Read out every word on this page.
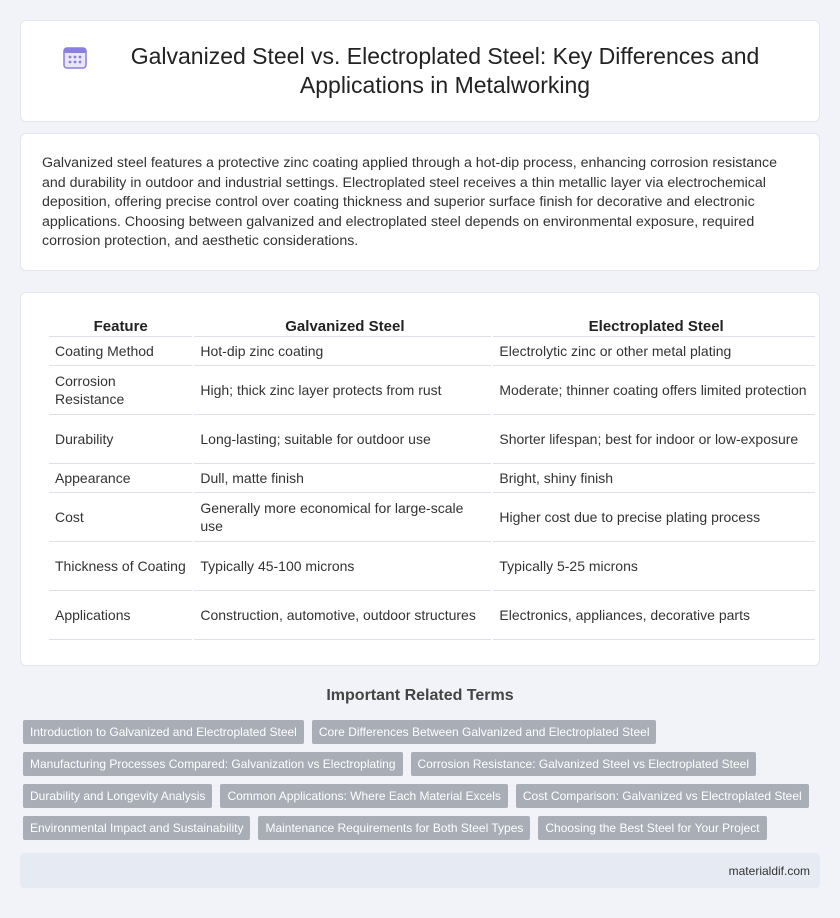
Galvanized Steel vs. Electroplated Steel: Key Differences and Applications in Metalworking

Galvanized steel features a protective zinc coating applied through a hot-dip process, enhancing corrosion resistance and durability in outdoor and industrial settings. Electroplated steel receives a thin metallic layer via electrochemical deposition, offering precise control over coating thickness and superior surface finish for decorative and electronic applications. Choosing between galvanized and electroplated steel depends on environmental exposure, required corrosion protection, and aesthetic considerations.

Feature	Galvanized Steel	Electroplated Steel
Coating Method	Hot-dip zinc coating	Electrolytic zinc or other metal plating
Corrosion Resistance	High; thick zinc layer protects from rust	Moderate; thinner coating offers limited protection
Durability	Long-lasting; suitable for outdoor use	Shorter lifespan; best for indoor or low-exposure
Appearance	Dull, matte finish	Bright, shiny finish
Cost	Generally more economical for large-scale use	Higher cost due to precise plating process
Thickness of Coating	Typically 45-100 microns	Typically 5-25 microns
Applications	Construction, automotive, outdoor structures	Electronics, appliances, decorative parts
Important Related Terms
Introduction to Galvanized and Electroplated Steel	Core Differences Between Galvanized and Electroplated Steel
Manufacturing Processes Compared: Galvanization vs Electroplating	Corrosion Resistance: Galvanized Steel vs Electroplated Steel
Durability and Longevity Analysis	Common Applications: Where Each Material Excels	Cost Comparison: Galvanized vs Electroplated Steel
Environmental Impact and Sustainability	Maintenance Requirements for Both Steel Types	Choosing the Best Steel for Your Project
materialdif.com
